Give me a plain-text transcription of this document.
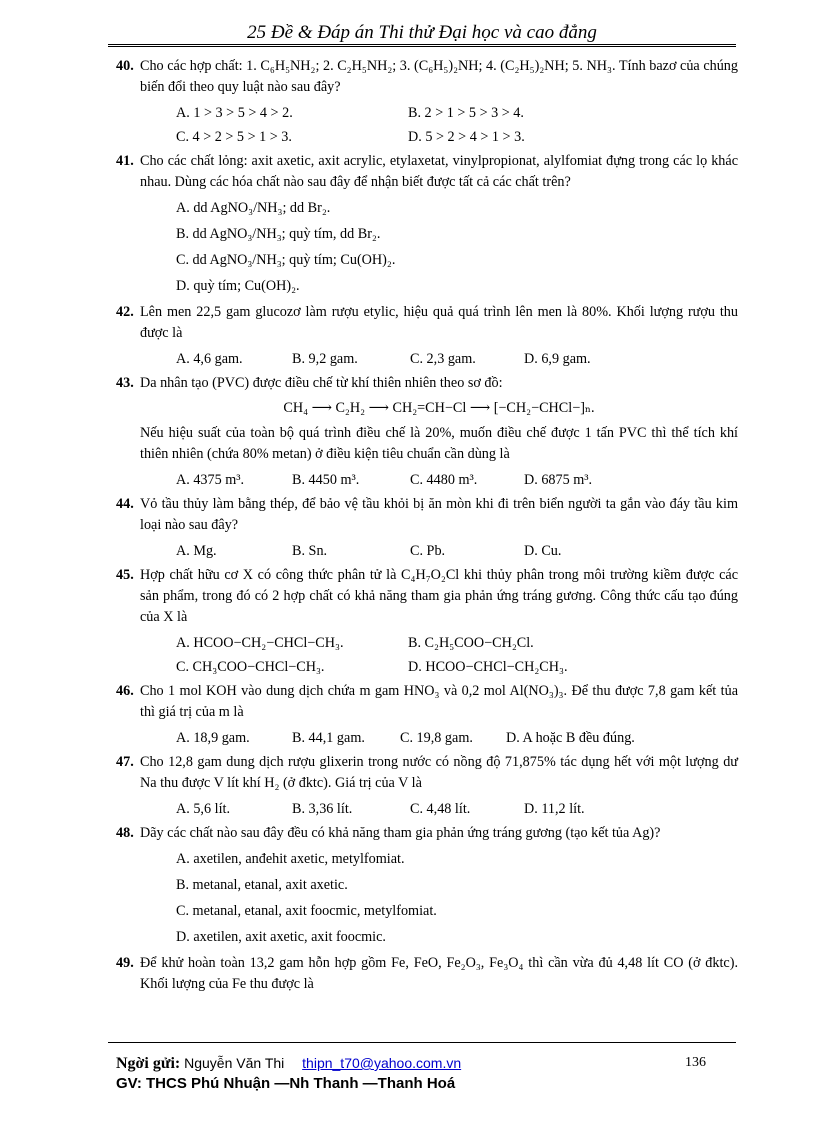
25 Đề & Đáp án Thi thử Đại học và cao đẳng
40. Cho các hợp chất: 1. C₆H₅NH₂; 2. C₂H₅NH₂; 3. (C₆H₅)₂NH; 4. (C₂H₅)₂NH; 5. NH₃. Tính bazơ của chúng biến đổi theo quy luật nào sau đây?
A. 1 > 3 > 5 > 4 > 2.	B. 2 > 1 > 5 > 3 > 4.
C. 4 > 2 > 5 > 1 > 3.	D. 5 > 2 > 4 > 1 > 3.
41. Cho các chất lỏng: axit axetic, axit acrylic, etylaxetat, vinylpropionat, alylfomiat đựng trong các lọ khác nhau. Dùng các hóa chất nào sau đây để nhận biết được tất cả các chất trên?
A. dd AgNO₃/NH₃; dd Br₂.
B. dd AgNO₃/NH₃; quỳ tím, dd Br₂.
C. dd AgNO₃/NH₃; quỳ tím; Cu(OH)₂.
D. quỳ tím; Cu(OH)₂.
42. Lên men 22,5 gam glucozơ làm rượu etylic, hiệu quả quá trình lên men là 80%. Khối lượng rượu thu được là
A. 4,6 gam.	B. 9,2 gam.	C. 2,3 gam.	D. 6,9 gam.
43. Da nhân tạo (PVC) được điều chế từ khí thiên nhiên theo sơ đồ:
CH₄ ⟶ C₂H₂ ⟶ CH₂=CH−Cl ⟶ [−CH₂−CHCl−]ₙ.
Nếu hiệu suất của toàn bộ quá trình điều chế là 20%, muốn điều chế được 1 tấn PVC thì thể tích khí thiên nhiên (chứa 80% metan) ở điều kiện tiêu chuẩn cần dùng là
A. 4375 m³.	B. 4450 m³.	C. 4480 m³.	D. 6875 m³.
44. Vỏ tầu thủy làm bằng thép, để bảo vệ tầu khỏi bị ăn mòn khi đi trên biển người ta gắn vào đáy tầu kim loại nào sau đây?
A. Mg.	B. Sn.	C. Pb.	D. Cu.
45. Hợp chất hữu cơ X có công thức phân tử là C₄H₇O₂Cl khi thủy phân trong môi trường kiềm được các sản phẩm, trong đó có 2 hợp chất có khả năng tham gia phản ứng tráng gương. Công thức cấu tạo đúng của X là
A. HCOO−CH₂−CHCl−CH₃.	B. C₂H₅COO−CH₂Cl.
C. CH₃COO−CHCl−CH₃.	D. HCOO−CHCl−CH₂CH₃.
46. Cho 1 mol KOH vào dung dịch chứa m gam HNO₃ và 0,2 mol Al(NO₃)₃. Để thu được 7,8 gam kết tủa thì giá trị của m là
A. 18,9 gam.	B. 44,1 gam.	C. 19,8 gam.	D. A hoặc B đều đúng.
47. Cho 12,8 gam dung dịch rượu glixerin trong nước có nồng độ 71,875% tác dụng hết với một lượng dư Na thu được V lít khí H₂ (ở đktc). Giá trị của V là
A. 5,6 lít.	B. 3,36 lít.	C. 4,48 lít.	D. 11,2 lít.
48. Dãy các chất nào sau đây đều có khả năng tham gia phản ứng tráng gương (tạo kết tủa Ag)?
A. axetilen, anđehit axetic, metylfomiat.
B. metanal, etanal, axit axetic.
C. metanal, etanal, axit foocmic, metylfomiat.
D. axetilen, axit axetic, axit foocmic.
49. Để khử hoàn toàn 13,2 gam hỗn hợp gồm Fe, FeO, Fe₂O₃, Fe₃O₄ thì cần vừa đủ 4,48 lít CO (ở đktc). Khối lượng của Fe thu được là
Ngời gửi: Nguyễn Văn Thi thipn_t70@yahoo.com.vn	136
GV: THCS Phú Nhuận —Nh Thanh —Thanh Hoá
